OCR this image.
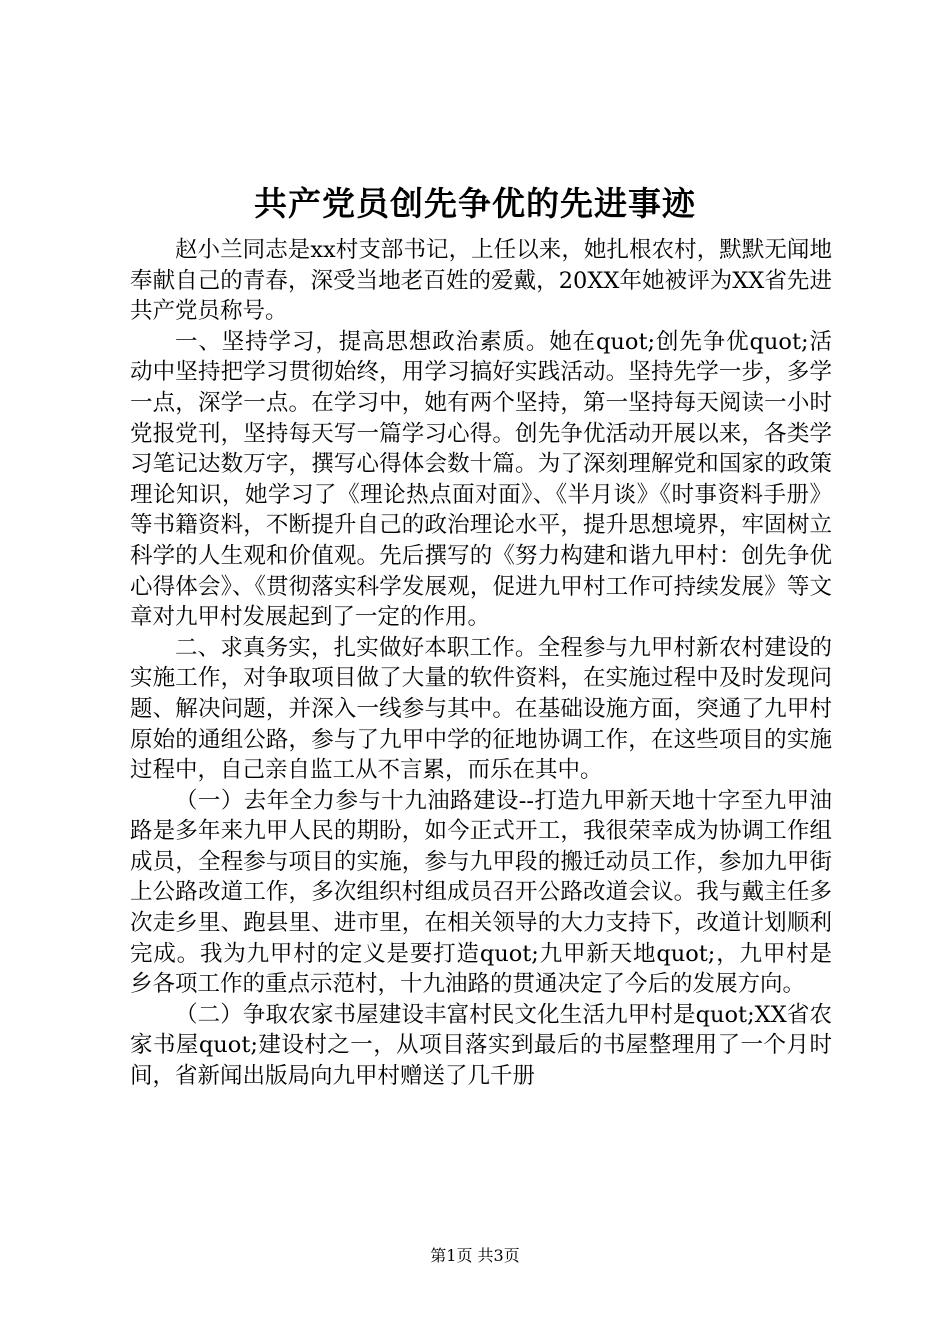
共产党员创先争优的先进事迹

赵小兰同志是xx村支部书记，上任以来，她扎根农村，默默无闻地奉献自己的青春，深受当地老百姓的爱戴，20XX年她被评为XX省先进共产党员称号。

一、坚持学习，提高思想政治素质。她在quot;创先争优quot;活动中坚持把学习贯彻始终，用学习搞好实践活动。坚持先学一步，多学一点，深学一点。在学习中，她有两个坚持，第一坚持每天阅读一小时党报党刊，坚持每天写一篇学习心得。创先争优活动开展以来，各类学习笔记达数万字，撰写心得体会数十篇。为了深刻理解党和国家的政策理论知识，她学习了《理论热点面对面》、《半月谈》《时事资料手册》等书籍资料，不断提升自己的政治理论水平，提升思想境界，牢固树立科学的人生观和价值观。先后撰写的《努力构建和谐九甲村：创先争优心得体会》、《贯彻落实科学发展观，促进九甲村工作可持续发展》等文章对九甲村发展起到了一定的作用。

二、求真务实，扎实做好本职工作。全程参与九甲村新农村建设的实施工作，对争取项目做了大量的软件资料，在实施过程中及时发现问题、解决问题，并深入一线参与其中。在基础设施方面，突通了九甲村原始的通组公路，参与了九甲中学的征地协调工作，在这些项目的实施过程中，自己亲自监工从不言累，而乐在其中。

（一）去年全力参与十九油路建设--打造九甲新天地十字至九甲油路是多年来九甲人民的期盼，如今正式开工，我很荣幸成为协调工作组成员，全程参与项目的实施，参与九甲段的搬迁动员工作，参加九甲街上公路改道工作，多次组织村组成员召开公路改道会议。我与戴主任多次走乡里、跑县里、进市里，在相关领导的大力支持下，改道计划顺利完成。我为九甲村的定义是要打造quot;九甲新天地quot;，九甲村是乡各项工作的重点示范村，十九油路的贯通决定了今后的发展方向。

（二）争取农家书屋建设丰富村民文化生活九甲村是quot;XX省农家书屋quot;建设村之一，从项目落实到最后的书屋整理用了一个月时间，省新闻出版局向九甲村赠送了几千册

第1页 共3页
